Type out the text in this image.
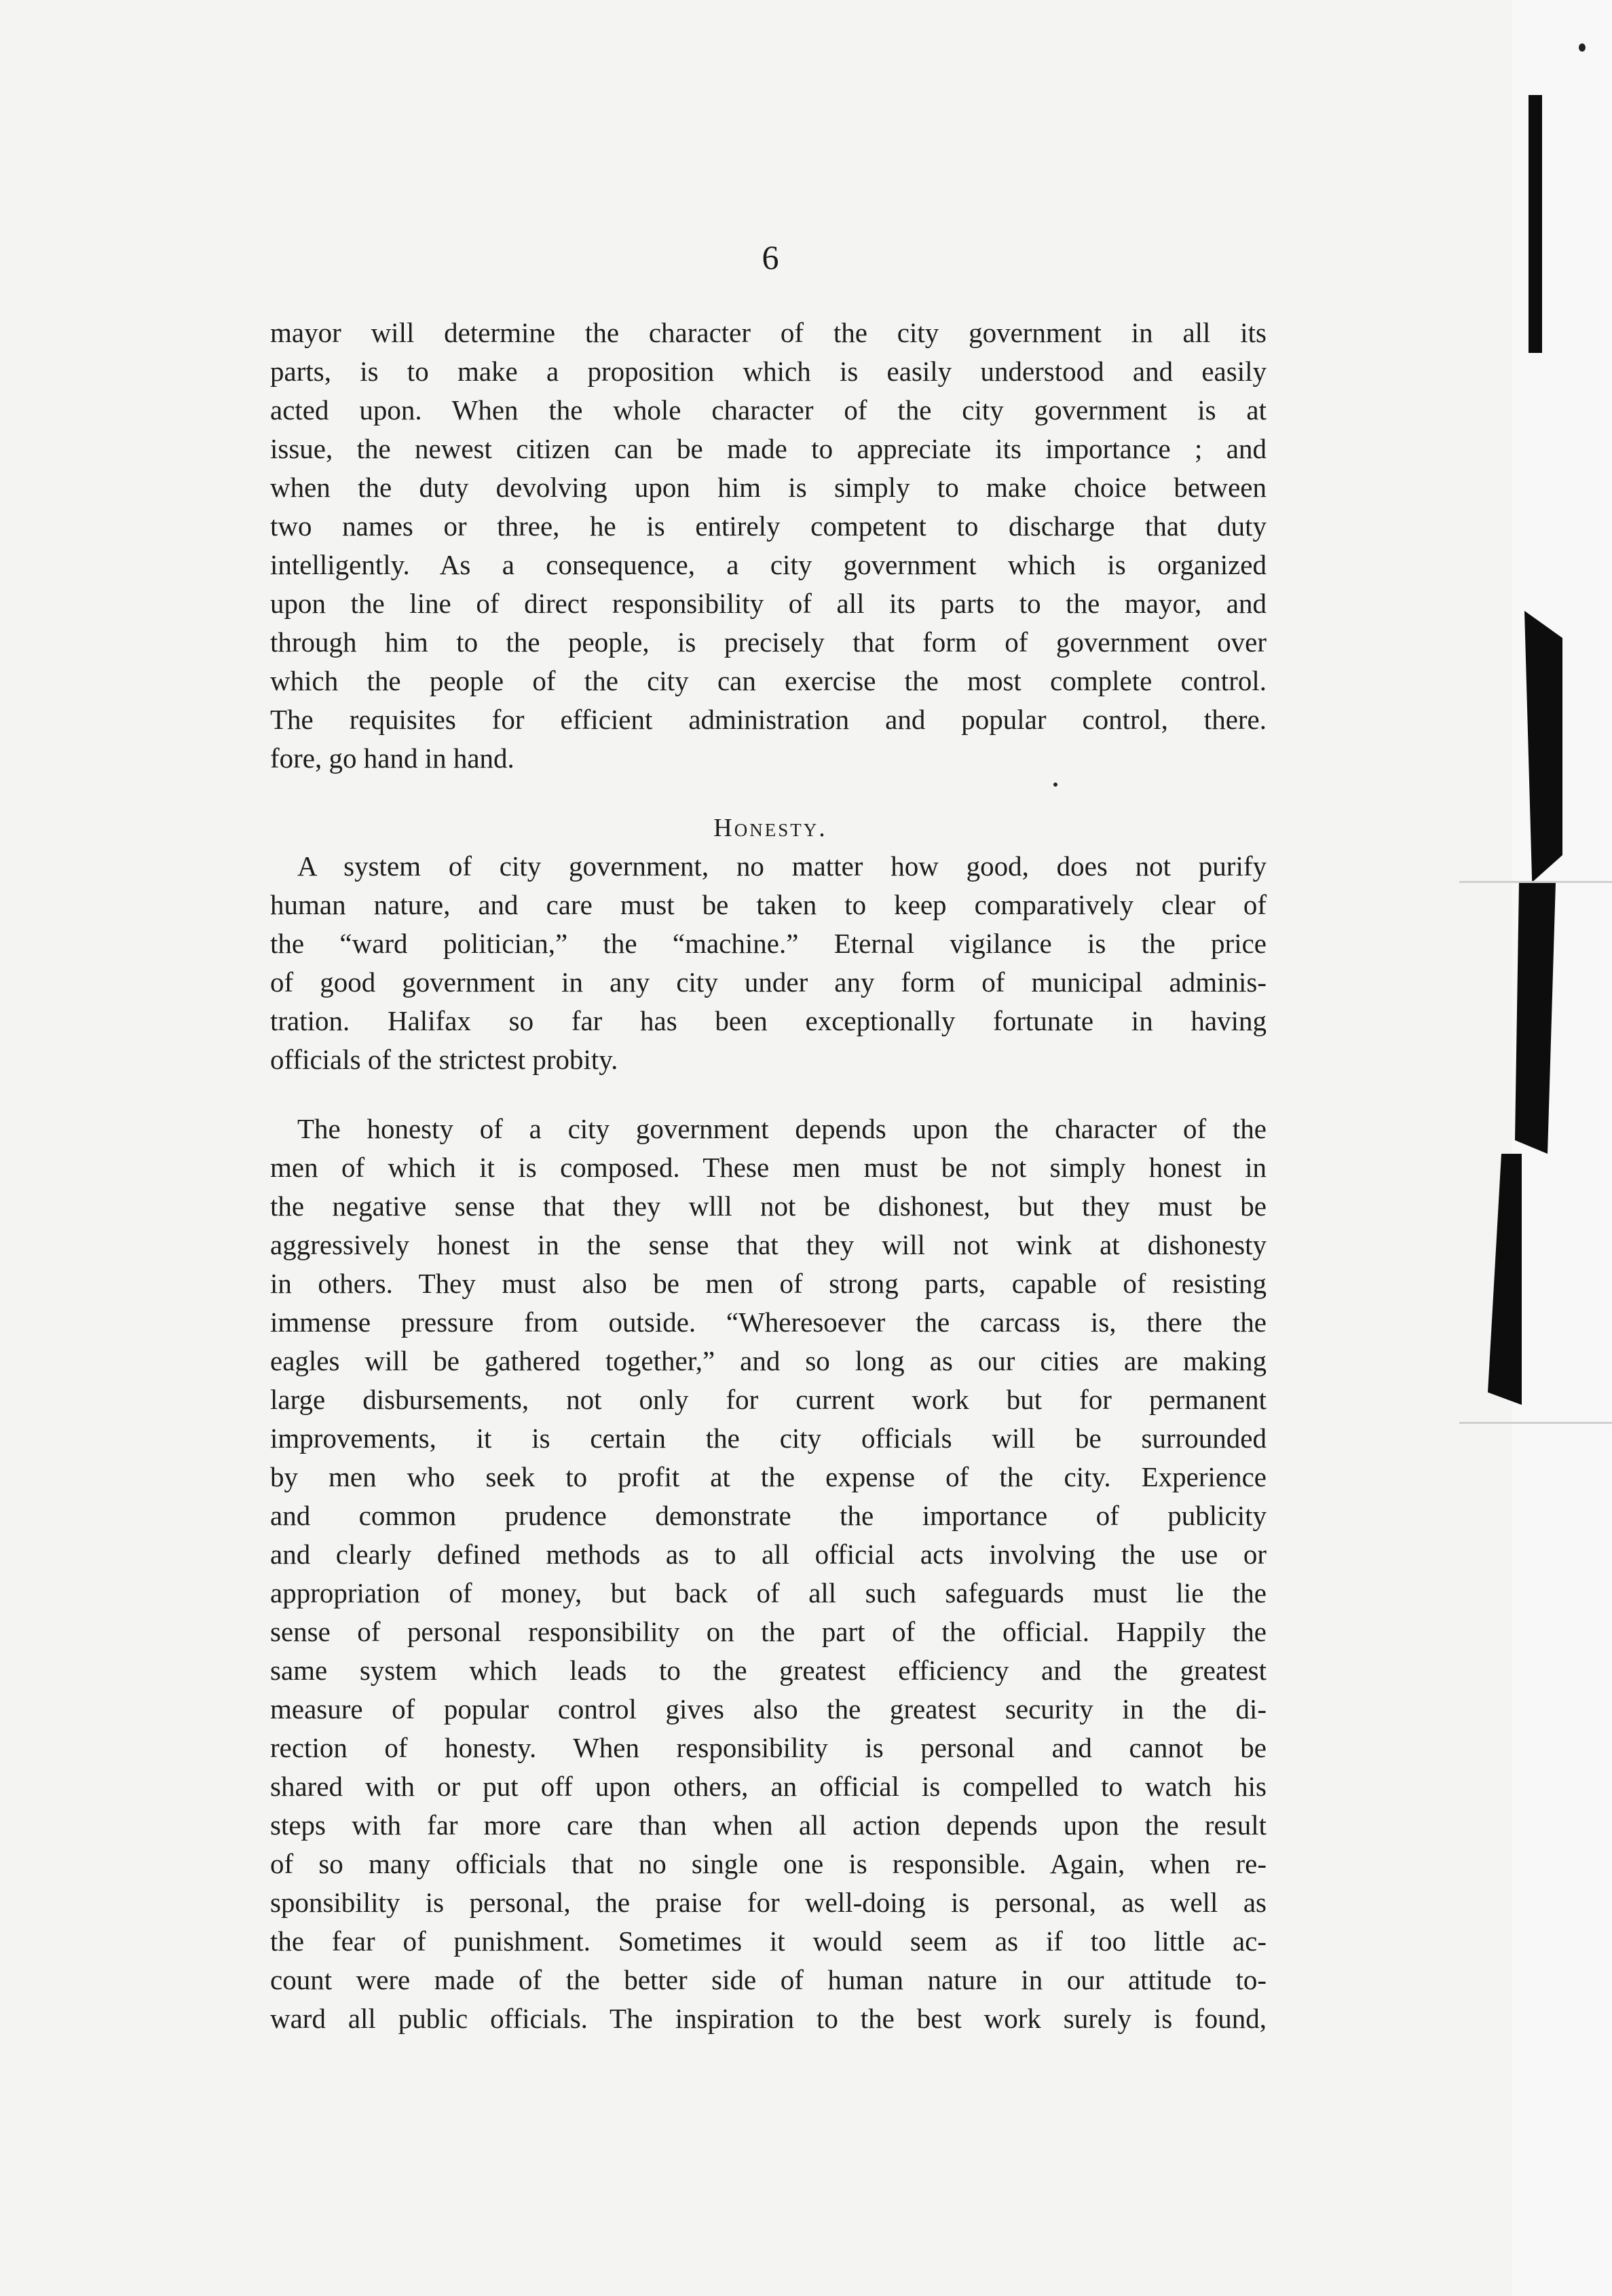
6
mayor will determine the character of the city government in all its
parts, is to make a proposition which is easily understood and easily
acted upon. When the whole character of the city government is at
issue, the newest citizen can be made to appreciate its importance ; and
when the duty devolving upon him is simply to make choice between
two names or three, he is entirely competent to discharge that duty
intelligently. As a consequence, a city government which is organized
upon the line of direct responsibility of all its parts to the mayor, and
through him to the people, is precisely that form of government over
which the people of the city can exercise the most complete control.
The requisites for efficient administration and popular control, there.
fore, go hand in hand.
Honesty.
A system of city government, no matter how good, does not purify
human nature, and care must be taken to keep comparatively clear of
the “ward politician,” the “machine.” Eternal vigilance is the price
of good government in any city under any form of municipal adminis-
tration. Halifax so far has been exceptionally fortunate in having
officials of the strictest probity.
The honesty of a city government depends upon the character of the
men of which it is composed. These men must be not simply honest in
the negative sense that they wlll not be dishonest, but they must be
aggressively honest in the sense that they will not wink at dishonesty
in others. They must also be men of strong parts, capable of resisting
immense pressure from outside. “Wheresoever the carcass is, there the
eagles will be gathered together,” and so long as our cities are making
large disbursements, not only for current work but for permanent
improvements, it is certain the city officials will be surrounded
by men who seek to profit at the expense of the city. Experience
and common prudence demonstrate the importance of publicity
and clearly defined methods as to all official acts involving the use or
appropriation of money, but back of all such safeguards must lie the
sense of personal responsibility on the part of the official. Happily the
same system which leads to the greatest efficiency and the greatest
measure of popular control gives also the greatest security in the di-
rection of honesty. When responsibility is personal and cannot be
shared with or put off upon others, an official is compelled to watch his
steps with far more care than when all action depends upon the result
of so many officials that no single one is responsible. Again, when re-
sponsibility is personal, the praise for well-doing is personal, as well as
the fear of punishment. Sometimes it would seem as if too little ac-
count were made of the better side of human nature in our attitude to-
ward all public officials. The inspiration to the best work surely is found,
